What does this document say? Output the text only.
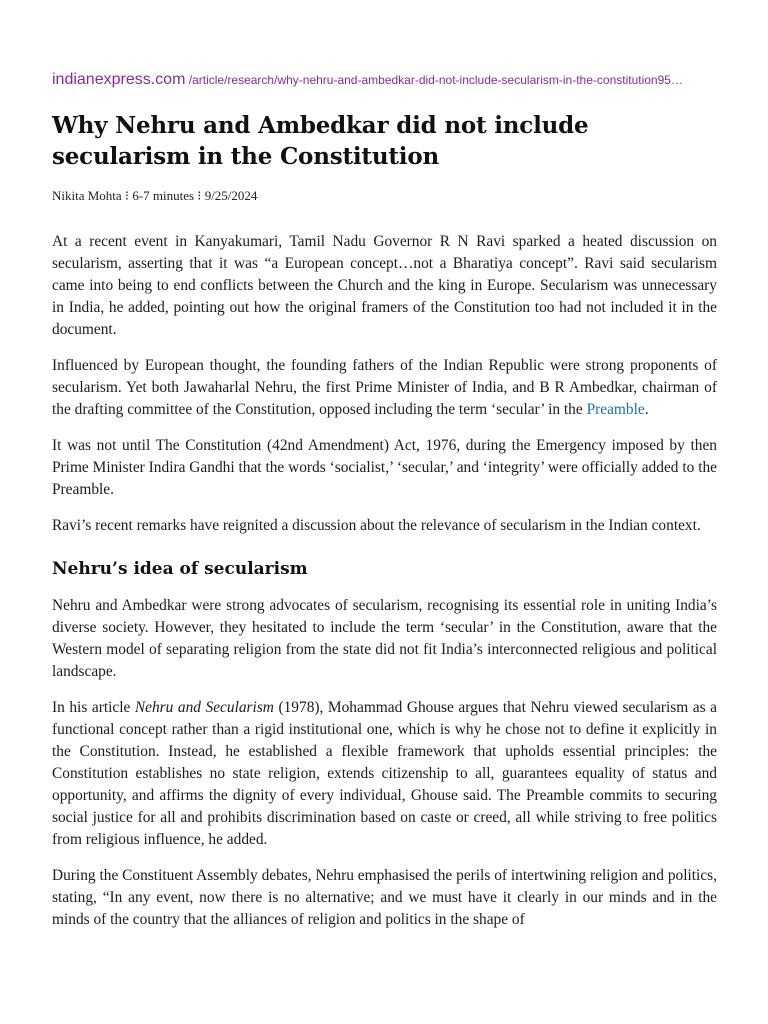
indianexpress.com /article/research/why-nehru-and-ambedkar-did-not-include-secularism-in-the-constitution95…
Why Nehru and Ambedkar did not include secularism in the Constitution
Nikita Mohta ⁝ 6-7 minutes ⁝ 9/25/2024

At a recent event in Kanyakumari, Tamil Nadu Governor R N Ravi sparked a heated discussion on secularism, asserting that it was “a European concept…not a Bharatiya concept”. Ravi said secularism came into being to end conflicts between the Church and the king in Europe. Secularism was unnecessary in India, he added, pointing out how the original framers of the Constitution too had not included it in the document.

Influenced by European thought, the founding fathers of the Indian Republic were strong proponents of secularism. Yet both Jawaharlal Nehru, the first Prime Minister of India, and B R Ambedkar, chairman of the drafting committee of the Constitution, opposed including the term ‘secular’ in the Preamble.

It was not until The Constitution (42nd Amendment) Act, 1976, during the Emergency imposed by then Prime Minister Indira Gandhi that the words ‘socialist,’ ‘secular,’ and ‘integrity’ were officially added to the Preamble.

Ravi’s recent remarks have reignited a discussion about the relevance of secularism in the Indian context.

Nehru’s idea of secularism

Nehru and Ambedkar were strong advocates of secularism, recognising its essential role in uniting India’s diverse society. However, they hesitated to include the term ‘secular’ in the Constitution, aware that the Western model of separating religion from the state did not fit India’s interconnected religious and political landscape.

In his article Nehru and Secularism (1978), Mohammad Ghouse argues that Nehru viewed secularism as a functional concept rather than a rigid institutional one, which is why he chose not to define it explicitly in the Constitution. Instead, he established a flexible framework that upholds essential principles: the Constitution establishes no state religion, extends citizenship to all, guarantees equality of status and opportunity, and affirms the dignity of every individual, Ghouse said. The Preamble commits to securing social justice for all and prohibits discrimination based on caste or creed, all while striving to free politics from religious influence, he added.

During the Constituent Assembly debates, Nehru emphasised the perils of intertwining religion and politics, stating, “In any event, now there is no alternative; and we must have it clearly in our minds and in the minds of the country that the alliances of religion and politics in the shape of
